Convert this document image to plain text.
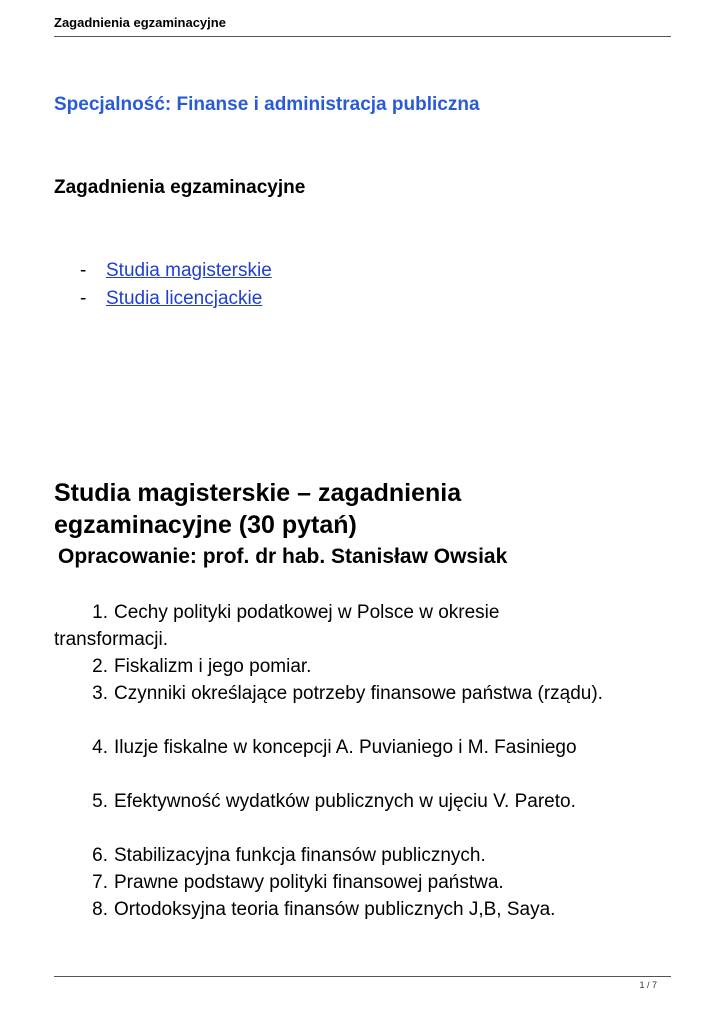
Zagadnienia egzaminacyjne
Specjalność: Finanse i administracja publiczna
Zagadnienia egzaminacyjne
- Studia magisterskie
- Studia licencjackie
Studia magisterskie – zagadnienia egzaminacyjne (30 pytań)
Opracowanie: prof. dr hab. Stanisław Owsiak
1. Cechy polityki podatkowej w Polsce w okresie
transformacji.
2. Fiskalizm i jego pomiar.
3. Czynniki określające potrzeby finansowe państwa (rządu).
4. Iluzje fiskalne w koncepcji A. Puvianiego i M. Fasiniego
5. Efektywność wydatków publicznych w ujęciu V. Pareto.
6. Stabilizacyjna funkcja finansów publicznych.
7. Prawne podstawy polityki finansowej państwa.
8. Ortodoksyjna teoria finansów publicznych J,B, Saya.
1 / 7
